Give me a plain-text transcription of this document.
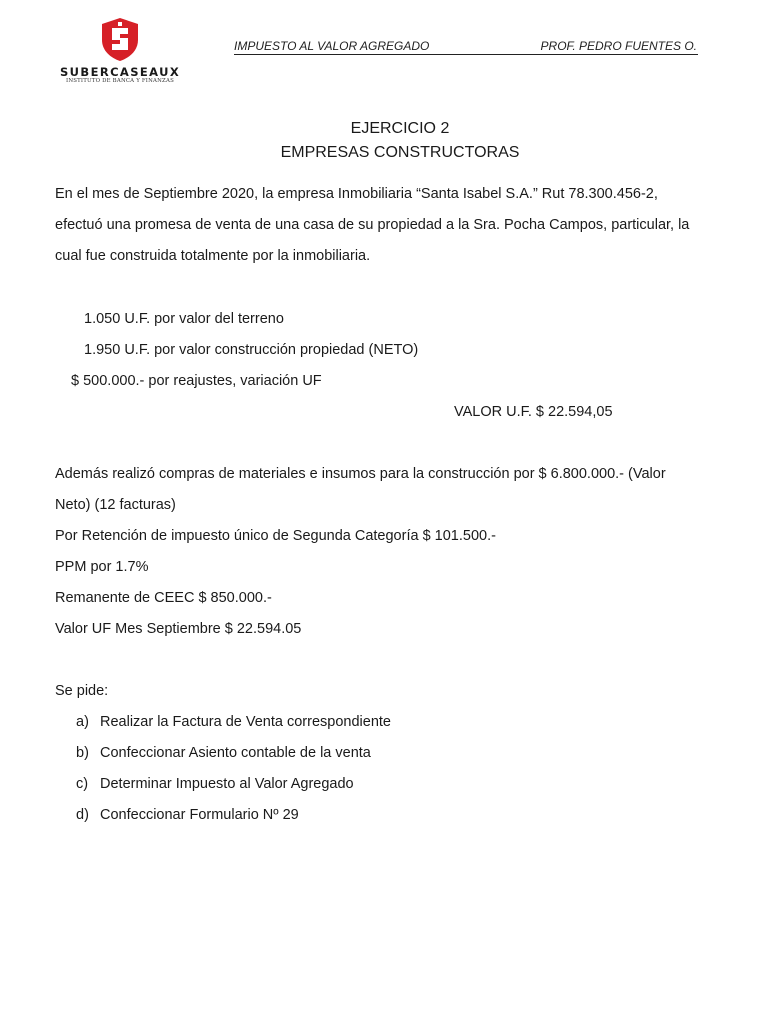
SUBERCASEAUX
INSTITUTO DE BANCA Y FINANZAS
IMPUESTO AL VALOR AGREGADO	PROF. PEDRO FUENTES O.
EJERCICIO 2
EMPRESAS CONSTRUCTORAS
En el mes de Septiembre 2020, la empresa Inmobiliaria “Santa Isabel S.A.” Rut 78.300.456-2,
efectuó una promesa de venta de una casa de su propiedad a la Sra. Pocha Campos, particular, la
cual fue construida totalmente por la inmobiliaria.
1.050 U.F. por valor del terreno
1.950 U.F. por valor construcción propiedad (NETO)
$ 500.000.- por reajustes, variación UF
VALOR U.F. $ 22.594,05
Además realizó compras de materiales e insumos para la construcción por $ 6.800.000.- (Valor
Neto) (12 facturas)
Por Retención de impuesto único de Segunda Categoría $ 101.500.-
PPM por 1.7%
Remanente de CEEC $ 850.000.-
Valor UF Mes Septiembre $ 22.594.05
Se pide:
a) Realizar la Factura de Venta correspondiente
b) Confeccionar Asiento contable de la venta
c) Determinar Impuesto al Valor Agregado
d) Confeccionar Formulario Nº 29
